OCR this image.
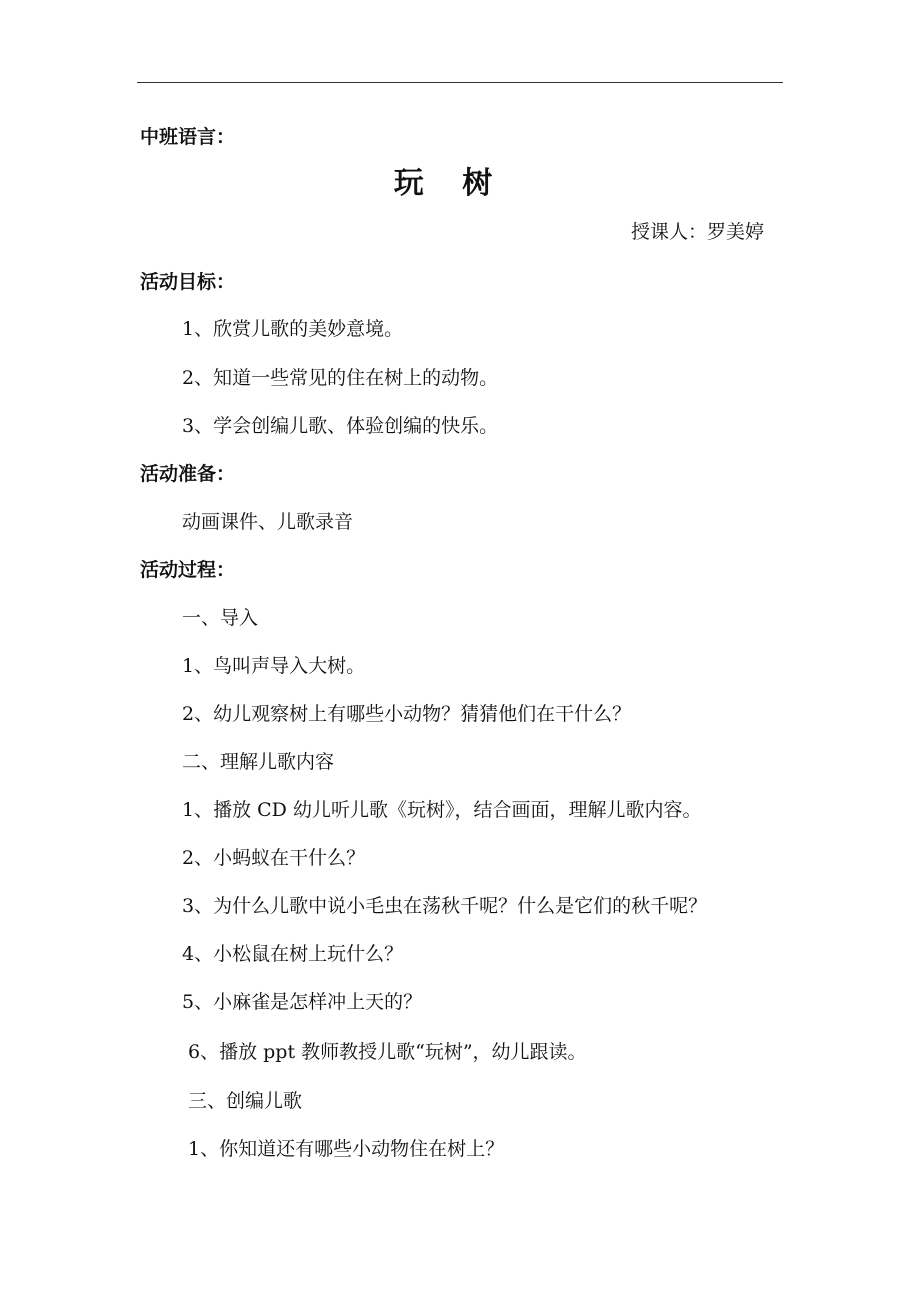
中班语言：
玩 树
授课人：罗美婷
活动目标：
1、欣赏儿歌的美妙意境。
2、知道一些常见的住在树上的动物。
3、学会创编儿歌、体验创编的快乐。
活动准备：
动画课件、儿歌录音
活动过程：
一、导入
1、鸟叫声导入大树。
2、幼儿观察树上有哪些小动物？猜猜他们在干什么？
二、理解儿歌内容
1、播放 CD 幼儿听儿歌《玩树》，结合画面，理解儿歌内容。
2、小蚂蚁在干什么？
3、为什么儿歌中说小毛虫在荡秋千呢？什么是它们的秋千呢？
4、小松鼠在树上玩什么？
5、小麻雀是怎样冲上天的？
6、播放 ppt 教师教授儿歌“玩树”，幼儿跟读。
三、创编儿歌
1、你知道还有哪些小动物住在树上？
